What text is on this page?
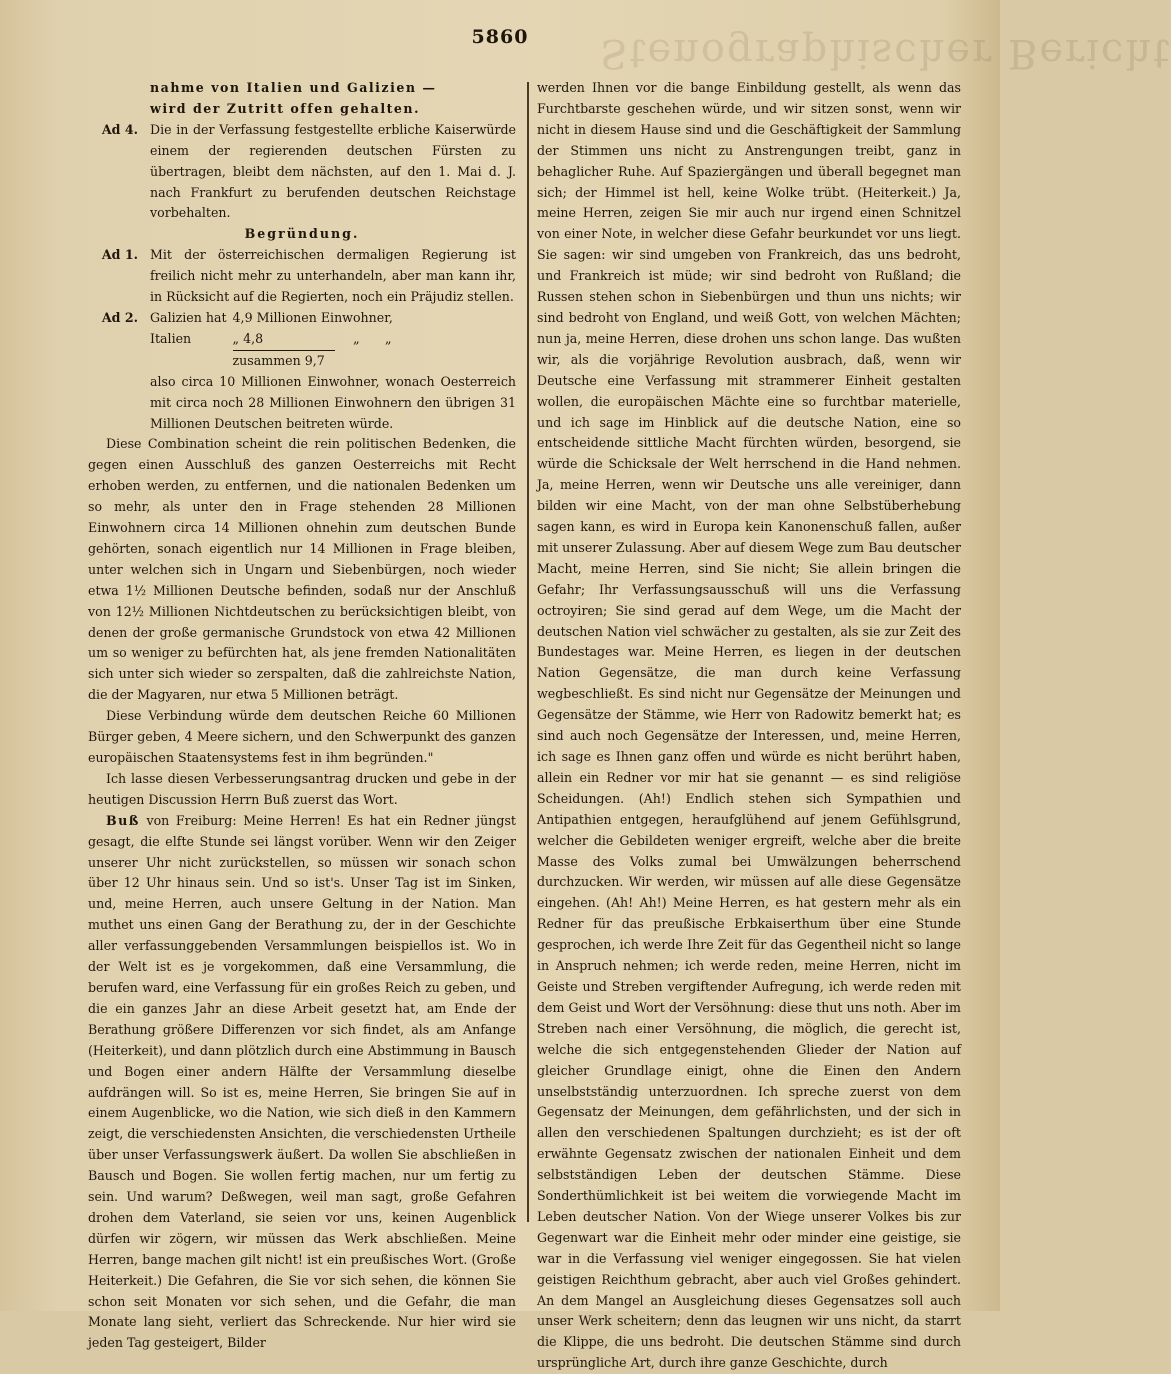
Stenographischer Bericht
5860

nahme von Italien und Galizien —

wird der Zutritt offen gehalten.

Ad 4. Die in der Verfassung festgestellte erbliche Kaiserwürde einem der regierenden deutschen Fürsten zu übertragen, bleibt dem nächsten, auf den 1. Mai d. J. nach Frankfurt zu berufenden deutschen Reichstage vorbehalten.

Begründung.

Ad 1. Mit der österreichischen dermaligen Regierung ist freilich nicht mehr zu unterhandeln, aber man kann ihr, in Rücksicht auf die Regierten, noch ein Präjudiz stellen.
Ad 2. Galizien hat	4,9 Millionen Einwohner,		
Italien	„ 4,8	„	„
	zusammen 9,7		
also circa 10 Millionen Einwohner, wonach Oesterreich mit circa noch 28 Millionen Einwohnern den übrigen 31 Millionen Deutschen beitreten würde.

Diese Combination scheint die rein politischen Bedenken, die gegen einen Ausschluß des ganzen Oesterreichs mit Recht erhoben werden, zu entfernen, und die nationalen Bedenken um so mehr, als unter den in Frage stehenden 28 Millionen Einwohnern circa 14 Millionen ohnehin zum deutschen Bunde gehörten, sonach eigentlich nur 14 Millionen in Frage bleiben, unter welchen sich in Ungarn und Siebenbürgen, noch wieder etwa 1½ Millionen Deutsche befinden, sodaß nur der Anschluß von 12½ Millionen Nichtdeutschen zu berücksichtigen bleibt, von denen der große germanische Grundstock von etwa 42 Millionen um so weniger zu befürchten hat, als jene fremden Nationalitäten sich unter sich wieder so zerspalten, daß die zahlreichste Nation, die der Magyaren, nur etwa 5 Millionen beträgt.

Diese Verbindung würde dem deutschen Reiche 60 Millionen Bürger geben, 4 Meere sichern, und den Schwerpunkt des ganzen europäischen Staatensystems fest in ihm begründen."

Ich lasse diesen Verbesserungsantrag drucken und gebe in der heutigen Discussion Herrn Buß zuerst das Wort.

Buß von Freiburg: Meine Herren! Es hat ein Redner jüngst gesagt, die elfte Stunde sei längst vorüber. Wenn wir den Zeiger unserer Uhr nicht zurückstellen, so müssen wir sonach schon über 12 Uhr hinaus sein. Und so ist's. Unser Tag ist im Sinken, und, meine Herren, auch unsere Geltung in der Nation. Man muthet uns einen Gang der Berathung zu, der in der Geschichte aller verfassunggebenden Versammlungen beispiellos ist. Wo in der Welt ist es je vorgekommen, daß eine Versammlung, die berufen ward, eine Verfassung für ein großes Reich zu geben, und die ein ganzes Jahr an diese Arbeit gesetzt hat, am Ende der Berathung größere Differenzen vor sich findet, als am Anfange (Heiterkeit), und dann plötzlich durch eine Abstimmung in Bausch und Bogen einer andern Hälfte der Versammlung dieselbe aufdrängen will. So ist es, meine Herren, Sie bringen Sie auf in einem Augenblicke, wo die Nation, wie sich dieß in den Kammern zeigt, die verschiedensten Ansichten, die verschiedensten Urtheile über unser Verfassungswerk äußert. Da wollen Sie abschließen in Bausch und Bogen. Sie wollen fertig machen, nur um fertig zu sein. Und warum? Deßwegen, weil man sagt, große Gefahren drohen dem Vaterland, sie seien vor uns, keinen Augenblick dürfen wir zögern, wir müssen das Werk abschließen. Meine Herren, bange machen gilt nicht! ist ein preußisches Wort. (Große Heiterkeit.) Die Gefahren, die Sie vor sich sehen, die können Sie schon seit Monaten vor sich sehen, und die Gefahr, die man Monate lang sieht, verliert das Schreckende. Nur hier wird sie jeden Tag gesteigert, Bilder

werden Ihnen vor die bange Einbildung gestellt, als wenn das Furchtbarste geschehen würde, und wir sitzen sonst, wenn wir nicht in diesem Hause sind und die Geschäftigkeit der Sammlung der Stimmen uns nicht zu Anstrengungen treibt, ganz in behaglicher Ruhe. Auf Spaziergängen und überall begegnet man sich; der Himmel ist hell, keine Wolke trübt. (Heiterkeit.) Ja, meine Herren, zeigen Sie mir auch nur irgend einen Schnitzel von einer Note, in welcher diese Gefahr beurkundet vor uns liegt. Sie sagen: wir sind umgeben von Frankreich, das uns bedroht, und Frankreich ist müde; wir sind bedroht von Rußland; die Russen stehen schon in Siebenbürgen und thun uns nichts; wir sind bedroht von England, und weiß Gott, von welchen Mächten; nun ja, meine Herren, diese drohen uns schon lange. Das wußten wir, als die vorjährige Revolution ausbrach, daß, wenn wir Deutsche eine Verfassung mit strammerer Einheit gestalten wollen, die europäischen Mächte eine so furchtbar materielle, und ich sage im Hinblick auf die deutsche Nation, eine so entscheidende sittliche Macht fürchten würden, besorgend, sie würde die Schicksale der Welt herrschend in die Hand nehmen. Ja, meine Herren, wenn wir Deutsche uns alle vereiniger, dann bilden wir eine Macht, von der man ohne Selbstüberhebung sagen kann, es wird in Europa kein Kanonenschuß fallen, außer mit unserer Zulassung. Aber auf diesem Wege zum Bau deutscher Macht, meine Herren, sind Sie nicht; Sie allein bringen die Gefahr; Ihr Verfassungsausschuß will uns die Verfassung octroyiren; Sie sind gerad auf dem Wege, um die Macht der deutschen Nation viel schwächer zu gestalten, als sie zur Zeit des Bundestages war. Meine Herren, es liegen in der deutschen Nation Gegensätze, die man durch keine Verfassung wegbeschließt. Es sind nicht nur Gegensätze der Meinungen und Gegensätze der Stämme, wie Herr von Radowitz bemerkt hat; es sind auch noch Gegensätze der Interessen, und, meine Herren, ich sage es Ihnen ganz offen und würde es nicht berührt haben, allein ein Redner vor mir hat sie genannt — es sind religiöse Scheidungen. (Ah!) Endlich stehen sich Sympathien und Antipathien entgegen, heraufglühend auf jenem Gefühlsgrund, welcher die Gebildeten weniger ergreift, welche aber die breite Masse des Volks zumal bei Umwälzungen beherrschend durchzucken. Wir werden, wir müssen auf alle diese Gegensätze eingehen. (Ah! Ah!) Meine Herren, es hat gestern mehr als ein Redner für das preußische Erbkaiserthum über eine Stunde gesprochen, ich werde Ihre Zeit für das Gegentheil nicht so lange in Anspruch nehmen; ich werde reden, meine Herren, nicht im Geiste und Streben vergiftender Aufregung, ich werde reden mit dem Geist und Wort der Versöhnung: diese thut uns noth. Aber im Streben nach einer Versöhnung, die möglich, die gerecht ist, welche die sich entgegenstehenden Glieder der Nation auf gleicher Grundlage einigt, ohne die Einen den Andern unselbstständig unterzuordnen. Ich spreche zuerst von dem Gegensatz der Meinungen, dem gefährlichsten, und der sich in allen den verschiedenen Spaltungen durchzieht; es ist der oft erwähnte Gegensatz zwischen der nationalen Einheit und dem selbstständigen Leben der deutschen Stämme. Diese Sonderthümlichkeit ist bei weitem die vorwiegende Macht im Leben deutscher Nation. Von der Wiege unserer Volkes bis zur Gegenwart war die Einheit mehr oder minder eine geistige, sie war in die Verfassung viel weniger eingegossen. Sie hat vielen geistigen Reichthum gebracht, aber auch viel Großes gehindert. An dem Mangel an Ausgleichung dieses Gegensatzes soll auch unser Werk scheitern; denn das leugnen wir uns nicht, da starrt die Klippe, die uns bedroht. Die deutschen Stämme sind durch ursprüngliche Art, durch ihre ganze Geschichte, durch
